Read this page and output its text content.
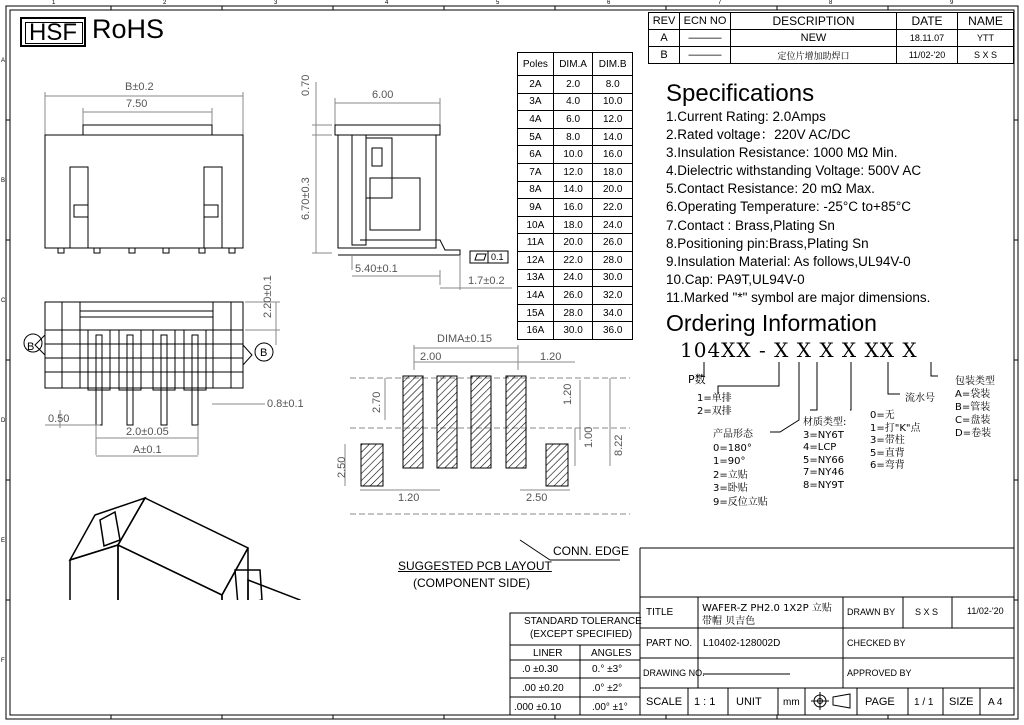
1	2	3	4	5	6	7	8	9
A
B
C
D
E
F
HSF RoHS	REV	ECN NO	DESCRIPTION	DATE	NAME
A	———	NEW	18.11.07	YTT
B	———	定位片增加助焊口	11/02-'20	S X S
Poles	DIM.A	DIM.B
2A	2.0	8.0
3A	4.0	10.0
4A	6.0	12.0
5A	8.0	14.0
6A	10.0	16.0
7A	12.0	18.0
8A	14.0	20.0
9A	16.0	22.0
10A	18.0	24.0
11A	20.0	26.0
12A	22.0	28.0
13A	24.0	30.0
14A	26.0	32.0
15A	28.0	34.0
16A	30.0	36.0
Specifications
1.Current Rating: 2.0Amps
2.Rated voltage：220V AC/DC
3.Insulation Resistance: 1000 MΩ Min.
4.Dielectric withstanding Voltage: 500V AC
5.Contact Resistance: 20 mΩ Max.
6.Operating Temperature: -25°C to+85°C
7.Contact : Brass,Plating Sn
8.Positioning pin:Brass,Plating Sn
9.Insulation Material: As follows,UL94V-0
10.Cap: PA9T,UL94V-0
11.Marked "*" symbol are major dimensions.
Ordering Information
104XX - X X X X XX X
P数
1=单排
2=双排
产品形态
0=180°
1=90°
2=立贴
3=卧贴
9=反位立贴
材质类型:
3=NY6T
4=LCP
5=NY66
7=NY46
8=NY9T
0=无
1=打"K"点
3=带柱
5=直背
6=弯背
流水号
包装类型
A=袋装
B=管装
C=盘装
D=卷装
B±0.2
7.50
0.70	6.00
6.70±0.3
5.40±0.1
1.7±0.2
0.1
2.20±0.1
B	B
0.8±0.1
0.50
2.0±0.05
A±0.1
DIMA±0.15
2.00	1.20
2.70	1.20
1.00 8.22
2.50
1.20	2.50
CONN. EDGE
SUGGESTED PCB LAYOUT
(COMPONENT SIDE)
STANDARD TOLERANCE
(EXCEPT SPECIFIED)
LINER	ANGLES
.0 ±0.30	0.° ±3°
.00 ±0.20	.0° ±2°
.000 ±0.10	.00° ±1°
TITLE	WAFER-Z PH2.0 1X2P 立贴
带帽 贝吉色
DRAWN BY S X S	11/02-'20
PART NO. L10402-128002D	CHECKED BY
DRAWING NO.	APPROVED BY
SCALE 1 : 1 UNIT mm	PAGE 1 / 1 SIZE A 4
